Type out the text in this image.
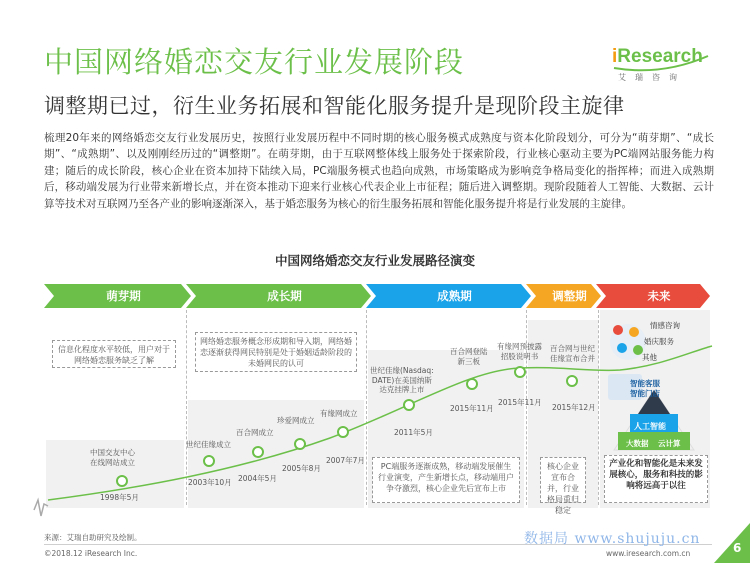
中国网络婚恋交友行业发展阶段
调整期已过，衍生业务拓展和智能化服务提升是现阶段主旋律
iResearch
艾瑞咨询
梳理20年来的网络婚恋交友行业发展历史，按照行业发展历程中不同时期的核心服务模式成熟度与资本化阶段划分，可分为“萌芽期”、“成长期”、“成熟期”、以及刚刚经历过的“调整期”。在萌芽期，由于互联网整体线上服务处于探索阶段，行业核心驱动主要为PC端网站服务能力构建；随后的成长阶段，核心企业在资本加持下陆续入局，PC端服务模式也趋向成熟，市场策略成为影响竞争格局变化的指挥棒；而进入成熟期后，移动端发展为行业带来新增长点，并在资本推动下迎来行业核心代表企业上市征程；随后进入调整期。现阶段随着人工智能、大数据、云计算等技术对互联网乃至各产业的影响逐渐深入，基于婚恋服务为核心的衍生服务拓展和智能化服务提升将是行业发展的主旋律。
中国网络婚恋交友行业发展路径演变
萌芽期	成长期	成熟期	调整期	未来
信息化程度水平较低，用户对于网络婚恋服务缺乏了解
网络婚恋服务概念形成期和导入期，网络婚恋逐渐获得网民特别是处于婚姻适龄阶段的未婚网民的认可
PC端服务逐渐成熟，移动端发展催生行业演变，产生新增长点，移动端用户争夺激烈，核心企业先后宣布上市
核心企业宣布合并，行业格局重归稳定
产业化和智能化是未来发展核心，服务和科技的影响将远高于以往
中国交友中心
在线网站成立
1998年5月
世纪佳缘成立
2003年10月
百合网成立
2004年5月
珍爱网成立
2005年8月
有缘网成立
2007年7月
世纪佳缘(Nasdaq:
DATE)在美国纳斯
达克挂牌上市
2011年5月
百合网登陆
新三板
2015年11月
有缘网预披露
招股说明书
2015年11月
百合网与世纪
佳缘宣布合并
2015年12月
情感咨询
婚庆服务
其他
智能客服
智能门店
人工智能
大数据 云计算
来源：艾瑞自助研究及绘制。
©2018.12 iResearch Inc.	www.iresearch.com.cn
数据局 www.shujuju.cn
6
